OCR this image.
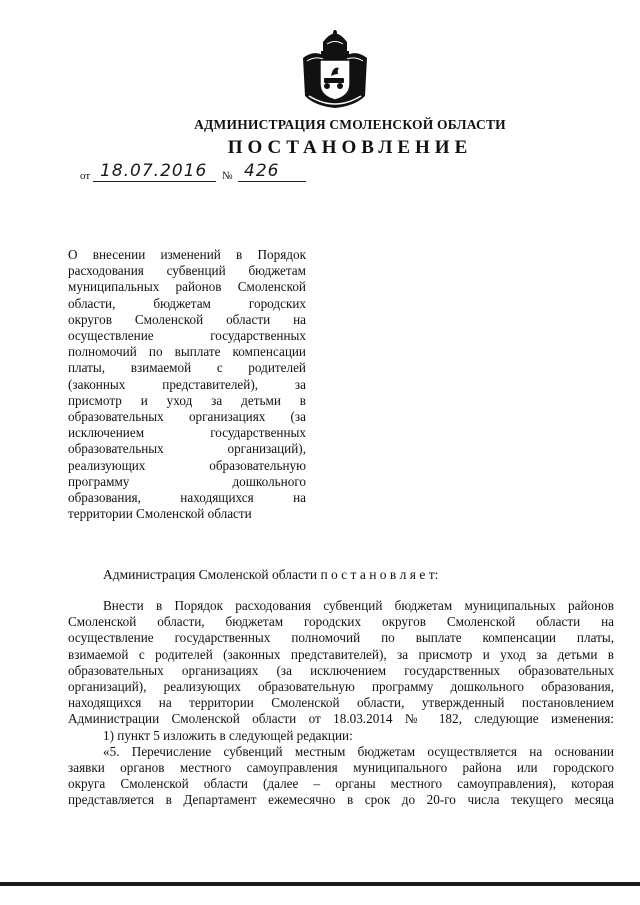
АДМИНИСТРАЦИЯ СМОЛЕНСКОЙ ОБЛАСТИ
ПОСТАНОВЛЕНИЕ
от 18.07.2016 № 426
О внесении изменений в Порядок
расходования субвенций бюджетам
муниципальных районов Смоленской
области, бюджетам городских
округов Смоленской области на
осуществление государственных
полномочий по выплате компенсации
платы, взимаемой с родителей
(законных представителей), за
присмотр и уход за детьми в
образовательных организациях (за
исключением государственных
образовательных организаций),
реализующих образовательную
программу дошкольного
образования, находящихся на
территории Смоленской области
Администрация Смоленской области п о с т а н о в л я е т:
Внести в Порядок расходования субвенций бюджетам муниципальных районов
Смоленской области, бюджетам городских округов Смоленской области на
осуществление государственных полномочий по выплате компенсации платы,
взимаемой с родителей (законных представителей), за присмотр и уход за детьми в
образовательных организациях (за исключением государственных образовательных
организаций), реализующих образовательную программу дошкольного образования,
находящихся на территории Смоленской области, утвержденный постановлением
Администрации Смоленской области от 18.03.2014 № 182, следующие изменения:
1) пункт 5 изложить в следующей редакции:
«5. Перечисление субвенций местным бюджетам осуществляется на основании
заявки органов местного самоуправления муниципального района или городского
округа Смоленской области (далее – органы местного самоуправления), которая
представляется в Департамент ежемесячно в срок до 20-го числа текущего месяца
